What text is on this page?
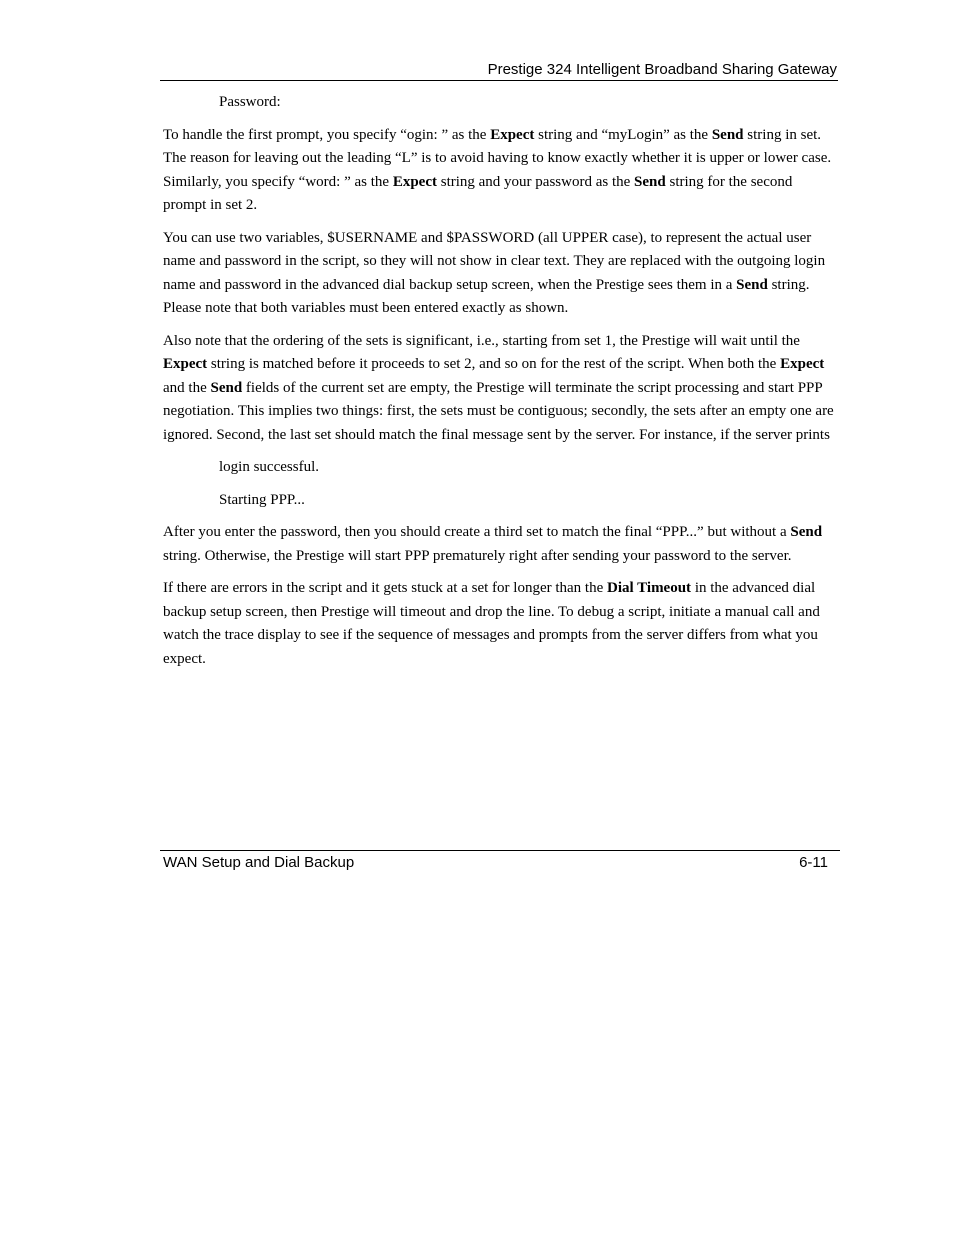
Prestige 324 Intelligent Broadband Sharing Gateway

Password:

To handle the first prompt, you specify “ogin: ” as the Expect string and “myLogin” as the Send string in set. The reason for leaving out the leading “L” is to avoid having to know exactly whether it is upper or lower case. Similarly, you specify “word: ” as the Expect string and your password as the Send string for the second prompt in set 2.

You can use two variables, $USERNAME and $PASSWORD (all UPPER case), to represent the actual user name and password in the script, so they will not show in clear text. They are replaced with the outgoing login name and password in the advanced dial backup setup screen, when the Prestige sees them in a Send string. Please note that both variables must been entered exactly as shown.

Also note that the ordering of the sets is significant, i.e., starting from set 1, the Prestige will wait until the Expect string is matched before it proceeds to set 2, and so on for the rest of the script. When both the Expect and the Send fields of the current set are empty, the Prestige will terminate the script processing and start PPP negotiation. This implies two things: first, the sets must be contiguous; secondly, the sets after an empty one are ignored. Second, the last set should match the final message sent by the server. For instance, if the server prints

login successful.

Starting PPP...

After you enter the password, then you should create a third set to match the final “PPP...” but without a Send string. Otherwise, the Prestige will start PPP prematurely right after sending your password to the server.

If there are errors in the script and it gets stuck at a set for longer than the Dial Timeout in the advanced dial backup setup screen, then Prestige will timeout and drop the line. To debug a script, initiate a manual call and watch the trace display to see if the sequence of messages and prompts from the server differs from what you expect.

WAN Setup and Dial Backup	6-11
